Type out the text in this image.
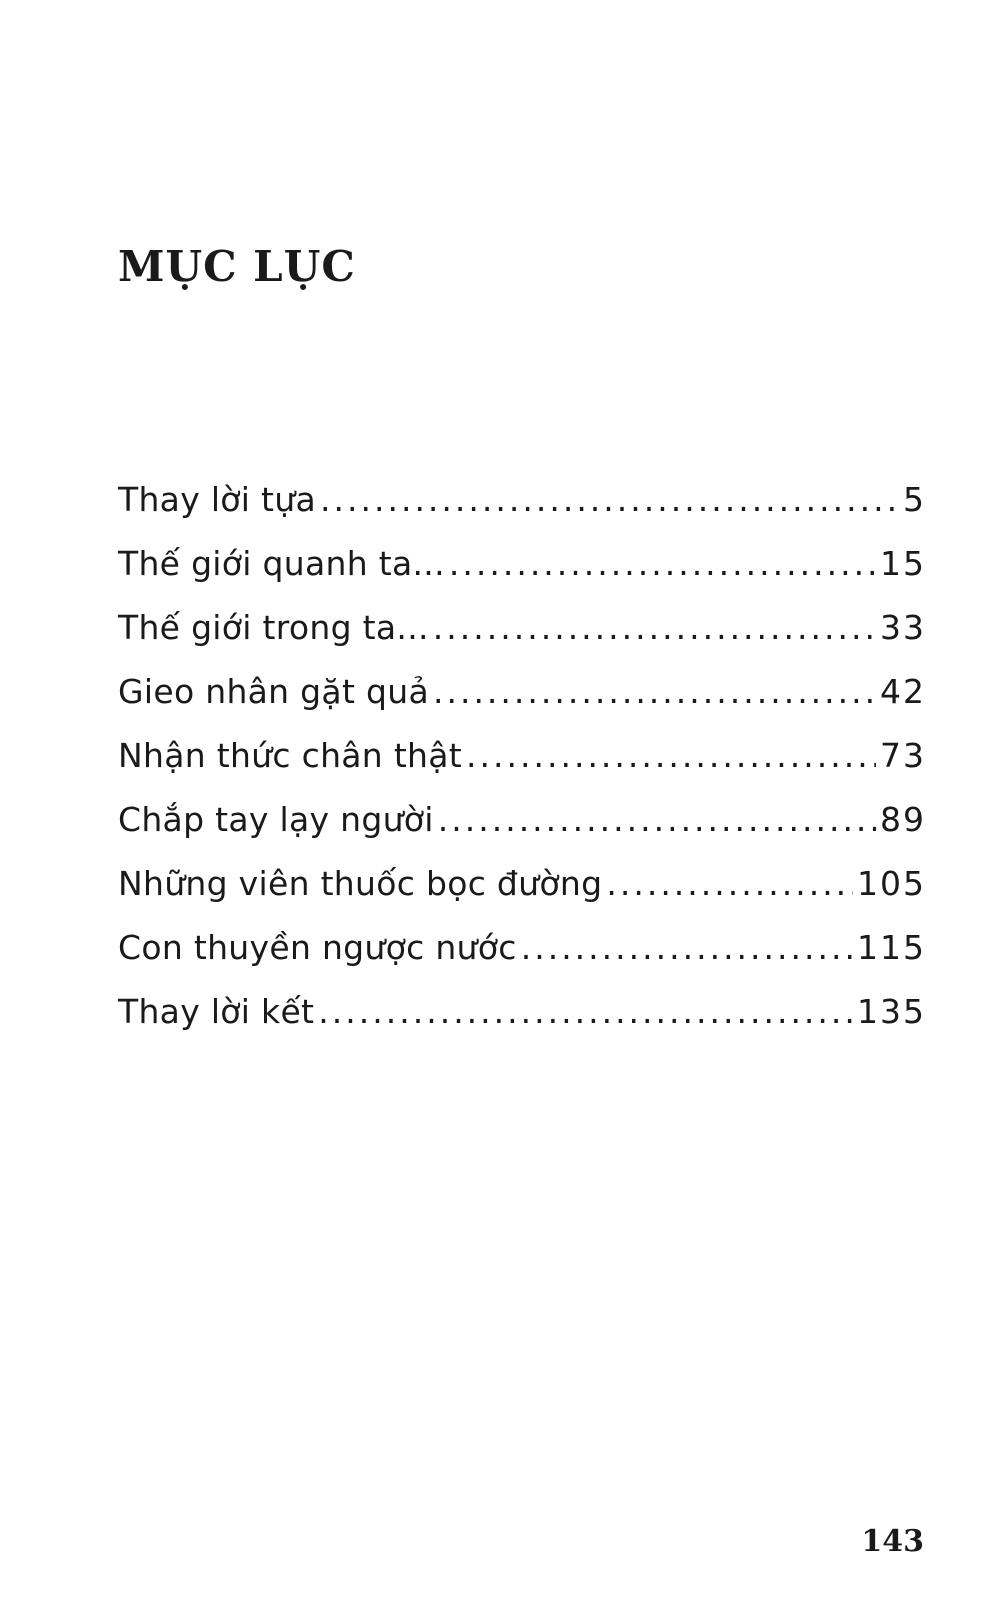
MỤC LỤC
Thay lời tựa .....	5
Thế giới quanh ta... .....	15
Thế giới trong ta... .....	33
Gieo nhân gặt quả .....	42
Nhận thức chân thật .....	73
Chắp tay lạy người .....	89
Những viên thuốc bọc đường .....	105
Con thuyền ngược nước .....	115
Thay lời kết .....	135
143
